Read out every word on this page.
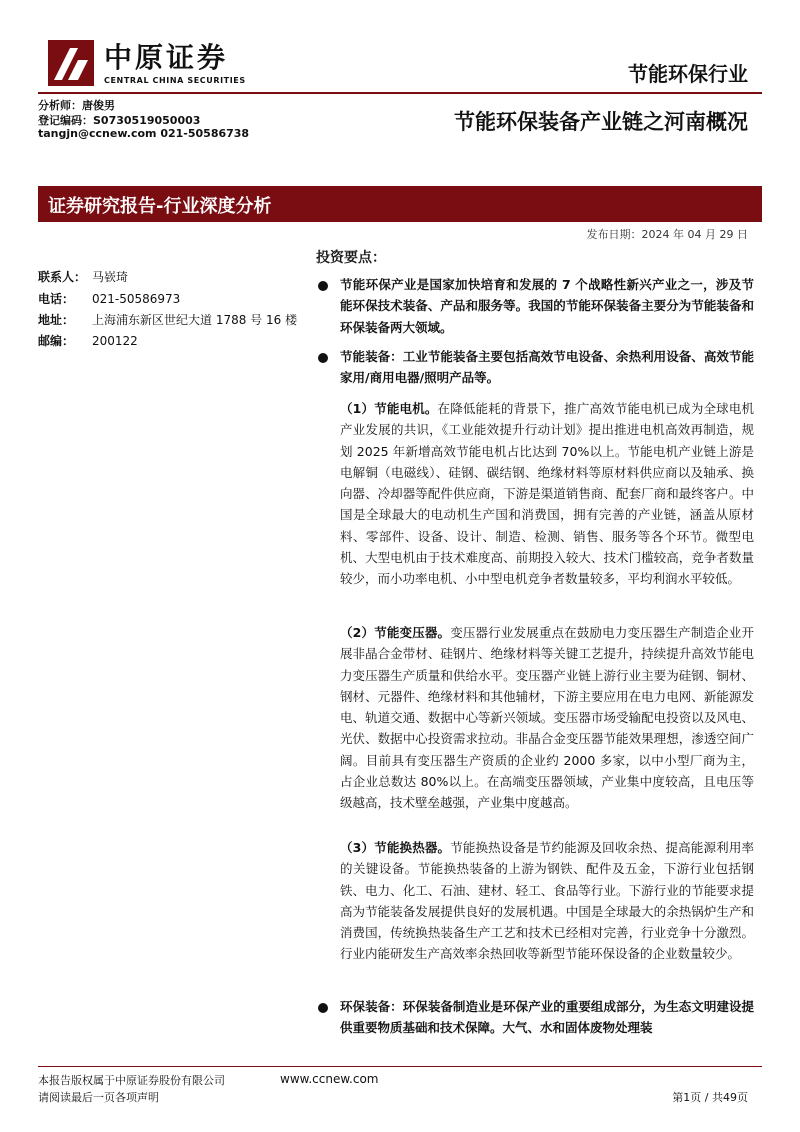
中原证券
CENTRAL CHINA SECURITIES	节能环保行业
分析师：唐俊男
登记编码：S0730519050003
tangjn@ccnew.com 021-50586738	节能环保装备产业链之河南概况
证券研究报告-行业深度分析
发布日期：2024 年 04 月 29 日
联系人： 马嵚琦
电话： 021-50586973
地址： 上海浦东新区世纪大道 1788 号 16 楼
邮编： 200122
投资要点：
节能环保产业是国家加快培育和发展的 7 个战略性新兴产业之一，涉及节能环保技术装备、产品和服务等。我国的节能环保装备主要分为节能装备和环保装备两大领域。
节能装备：工业节能装备主要包括高效节电设备、余热利用设备、高效节能家用/商用电器/照明产品等。
（1）节能电机。在降低能耗的背景下，推广高效节能电机已成为全球电机产业发展的共识，《工业能效提升行动计划》提出推进电机高效再制造，规划 2025 年新增高效节能电机占比达到 70%以上。节能电机产业链上游是电解铜（电磁线）、硅钢、碳结钢、绝缘材料等原材料供应商以及轴承、换向器、冷却器等配件供应商，下游是渠道销售商、配套厂商和最终客户。中国是全球最大的电动机生产国和消费国，拥有完善的产业链，涵盖从原材料、零部件、设备、设计、制造、检测、销售、服务等各个环节。微型电机、大型电机由于技术难度高、前期投入较大、技术门槛较高，竞争者数量较少，而小功率电机、小中型电机竞争者数量较多，平均利润水平较低。
（2）节能变压器。变压器行业发展重点在鼓励电力变压器生产制造企业开展非晶合金带材、硅钢片、绝缘材料等关键工艺提升，持续提升高效节能电力变压器生产质量和供给水平。变压器产业链上游行业主要为硅钢、铜材、钢材、元器件、绝缘材料和其他辅材，下游主要应用在电力电网、新能源发电、轨道交通、数据中心等新兴领域。变压器市场受输配电投资以及风电、光伏、数据中心投资需求拉动。非晶合金变压器节能效果理想，渗透空间广阔。目前具有变压器生产资质的企业约 2000 多家，以中小型厂商为主，占企业总数达 80%以上。在高端变压器领域，产业集中度较高，且电压等级越高，技术壁垒越强，产业集中度越高。
（3）节能换热器。节能换热设备是节约能源及回收余热、提高能源利用率的关键设备。节能换热装备的上游为钢铁、配件及五金，下游行业包括钢铁、电力、化工、石油、建材、轻工、食品等行业。下游行业的节能要求提高为节能装备发展提供良好的发展机遇。中国是全球最大的余热锅炉生产和消费国，传统换热装备生产工艺和技术已经相对完善，行业竞争十分激烈。行业内能研发生产高效率余热回收等新型节能环保设备的企业数量较少。
环保装备：环保装备制造业是环保产业的重要组成部分，为生态文明建设提供重要物质基础和技术保障。大气、水和固体废物处理装
本报告版权属于中原证券股份有限公司	www.ccnew.com
请阅读最后一页各项声明	第1页 / 共49页
